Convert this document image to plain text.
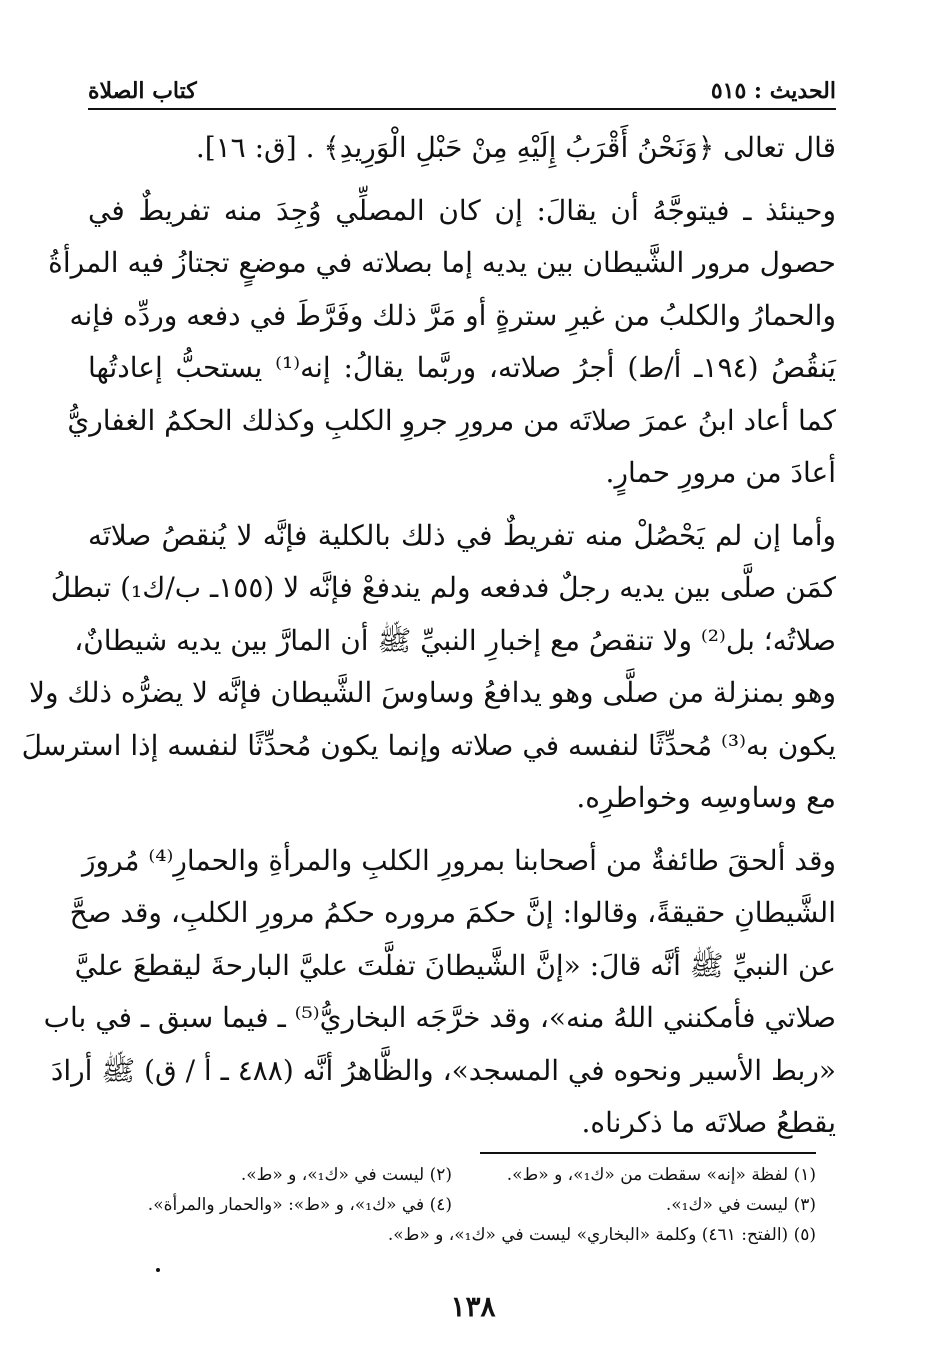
الحديث : ٥١٥
كتاب الصلاة
قال تعالى ﴿وَنَحْنُ أَقْرَبُ إِلَيْهِ مِنْ حَبْلِ الْوَرِيدِ﴾ . [ق: ١٦].
وحينئذ ـ فيتوجَّهُ أن يقالَ: إن كان المصلِّي وُجِدَ منه تفريطٌ في
حصول مرور الشَّيطان بين يديه إما بصلاته في موضعٍ تجتازُ فيه المرأةُ
والحمارُ والكلبُ من غيرِ سترةٍ أو مَرَّ ذلك وفَرَّطَ في دفعه وردِّه فإنه
يَنقُصُ (١٩٤ـ أ/ط) أجرُ صلاته، وربَّما يقالُ: إنه⁽¹⁾ يستحبُّ إعادتُها
كما أعاد ابنُ عمرَ صلاتَه من مرورِ جروِ الكلبِ وكذلك الحكمُ الغفاريُّ
أعادَ من مرورِ حمارٍ.
وأما إن لم يَحْصُلْ منه تفريطٌ في ذلك بالكلية فإنَّه لا يُنقصُ صلاتَه
كمَن صلَّى بين يديه رجلٌ فدفعه ولم يندفعْ فإنَّه لا (١٥٥ـ ب/ك₁) تبطلُ
صلاتُه؛ بل⁽²⁾ ولا تنقصُ مع إخبارِ النبيِّ ﷺ أن المارَّ بين يديه شيطانٌ،
وهو بمنزلة من صلَّى وهو يدافعُ وساوسَ الشَّيطان فإنَّه لا يضرُّه ذلك ولا
يكون به⁽³⁾ مُحدِّثًا لنفسه في صلاته وإنما يكون مُحدِّثًا لنفسه إذا استرسلَ
مع وساوسِه وخواطرِه.
وقد ألحقَ طائفةٌ من أصحابنا بمرورِ الكلبِ والمرأةِ والحمارِ⁽⁴⁾ مُرورَ
الشَّيطانِ حقيقةً، وقالوا: إنَّ حكمَ مروره حكمُ مرورِ الكلبِ، وقد صحَّ
عن النبيِّ ﷺ أنَّه قالَ: «إنَّ الشَّيطانَ تفلَّتَ عليَّ البارحةَ ليقطعَ عليَّ
صلاتي فأمكنني اللهُ منه»، وقد خرَّجَه البخاريُّ⁽⁵⁾ ـ فيما سبق ـ في باب
«ربط الأسير ونحوه في المسجد»، والظَّاهرُ أنَّه (٤٨٨ ـ أ / ق) ﷺ أرادَ
يقطعُ صلاتَه ما ذكرناه.
(١) لفظة «إنه» سقطت من «ك₁»، و «ط».
(٢) ليست في «ك₁»، و «ط».
(٣) ليست في «ك₁».
(٤) في «ك₁»، و «ط»: «والحمار والمرأة».
(٥) (الفتح: ٤٦١) وكلمة «البخاري» ليست في «ك₁»، و «ط».
١٣٨
